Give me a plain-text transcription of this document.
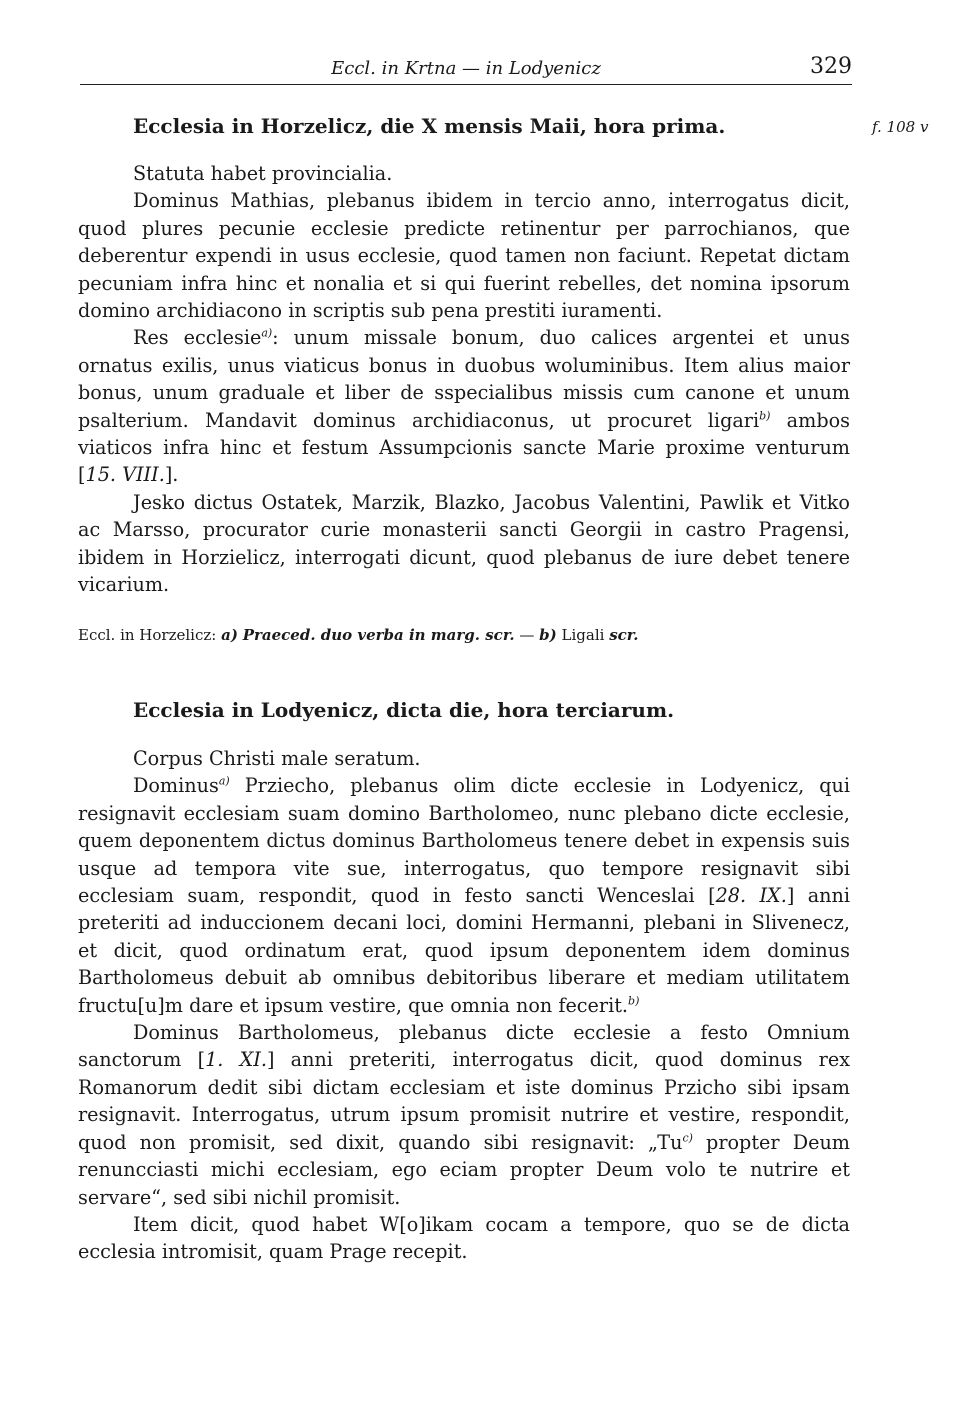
Eccl. in Krtna — in Lodyenicz	329
Ecclesia in Horzelicz, die X mensis Maii, hora prima.	f. 108 v

Statuta habet provincialia.

Dominus Mathias, plebanus ibidem in tercio anno, interrogatus dicit, quod plures pecunie ecclesie predicte retinentur per parrochianos, que deberentur expendi in usus ecclesie, quod tamen non faciunt. Repetat dictam pecuniam infra hinc et nonalia et si qui fuerint rebelles, det nomina ipsorum domino archidiacono in scriptis sub pena prestiti iuramenti.

Res ecclesie$^{a)}$: unum missale bonum, duo calices argentei et unus ornatus exilis, unus viaticus bonus in duobus woluminibus. Item alius maior bonus, unum graduale et liber de sspecialibus missis cum canone et unum psalterium. Mandavit dominus archidiaconus, ut procuret ligari$^{b)}$ ambos viaticos infra hinc et festum Assumpcionis sancte Marie proxime venturum [15. VIII.].

Jesko dictus Ostatek, Marzik, Blazko, Jacobus Valentini, Pawlik et Vitko ac Marsso, procurator curie monasterii sancti Georgii in castro Pragensi, ibidem in Horzielicz, interrogati dicunt, quod plebanus de iure debet tenere vicarium.

Eccl. in Horzelicz: a) Praeced. duo verba in marg. scr. — b) Ligali scr.
Ecclesia in Lodyenicz, dicta die, hora terciarum.

Corpus Christi male seratum.

Dominus$^{a)}$ Prziecho, plebanus olim dicte ecclesie in Lodyenicz, qui resignavit ecclesiam suam domino Bartholomeo, nunc plebano dicte ecclesie, quem deponentem dictus dominus Bartholomeus tenere debet in expensis suis usque ad tempora vite sue, interrogatus, quo tempore resignavit sibi ecclesiam suam, respondit, quod in festo sancti Wenceslai [28. IX.] anni preteriti ad induccionem decani loci, domini Hermanni, plebani in Slivenecz, et dicit, quod ordinatum erat, quod ipsum deponentem idem dominus Bartholomeus debuit ab omnibus debitoribus liberare et mediam utilitatem fructu[u]m dare et ipsum vestire, que omnia non fecerit.$^{b)}$

Dominus Bartholomeus, plebanus dicte ecclesie a festo Omnium sanctorum [1. XI.] anni preteriti, interrogatus dicit, quod dominus rex Romanorum dedit sibi dictam ecclesiam et iste dominus Przicho sibi ipsam resignavit. Interrogatus, utrum ipsum promisit nutrire et vestire, respondit, quod non promisit, sed dixit, quando sibi resignavit: „Tu$^{c)}$ propter Deum renuncciasti michi ecclesiam, ego eciam propter Deum volo te nutrire et servare“, sed sibi nichil promisit.

Item dicit, quod habet W[o]ikam cocam a tempore, quo se de dicta ecclesia intromisit, quam Prage recepit.
